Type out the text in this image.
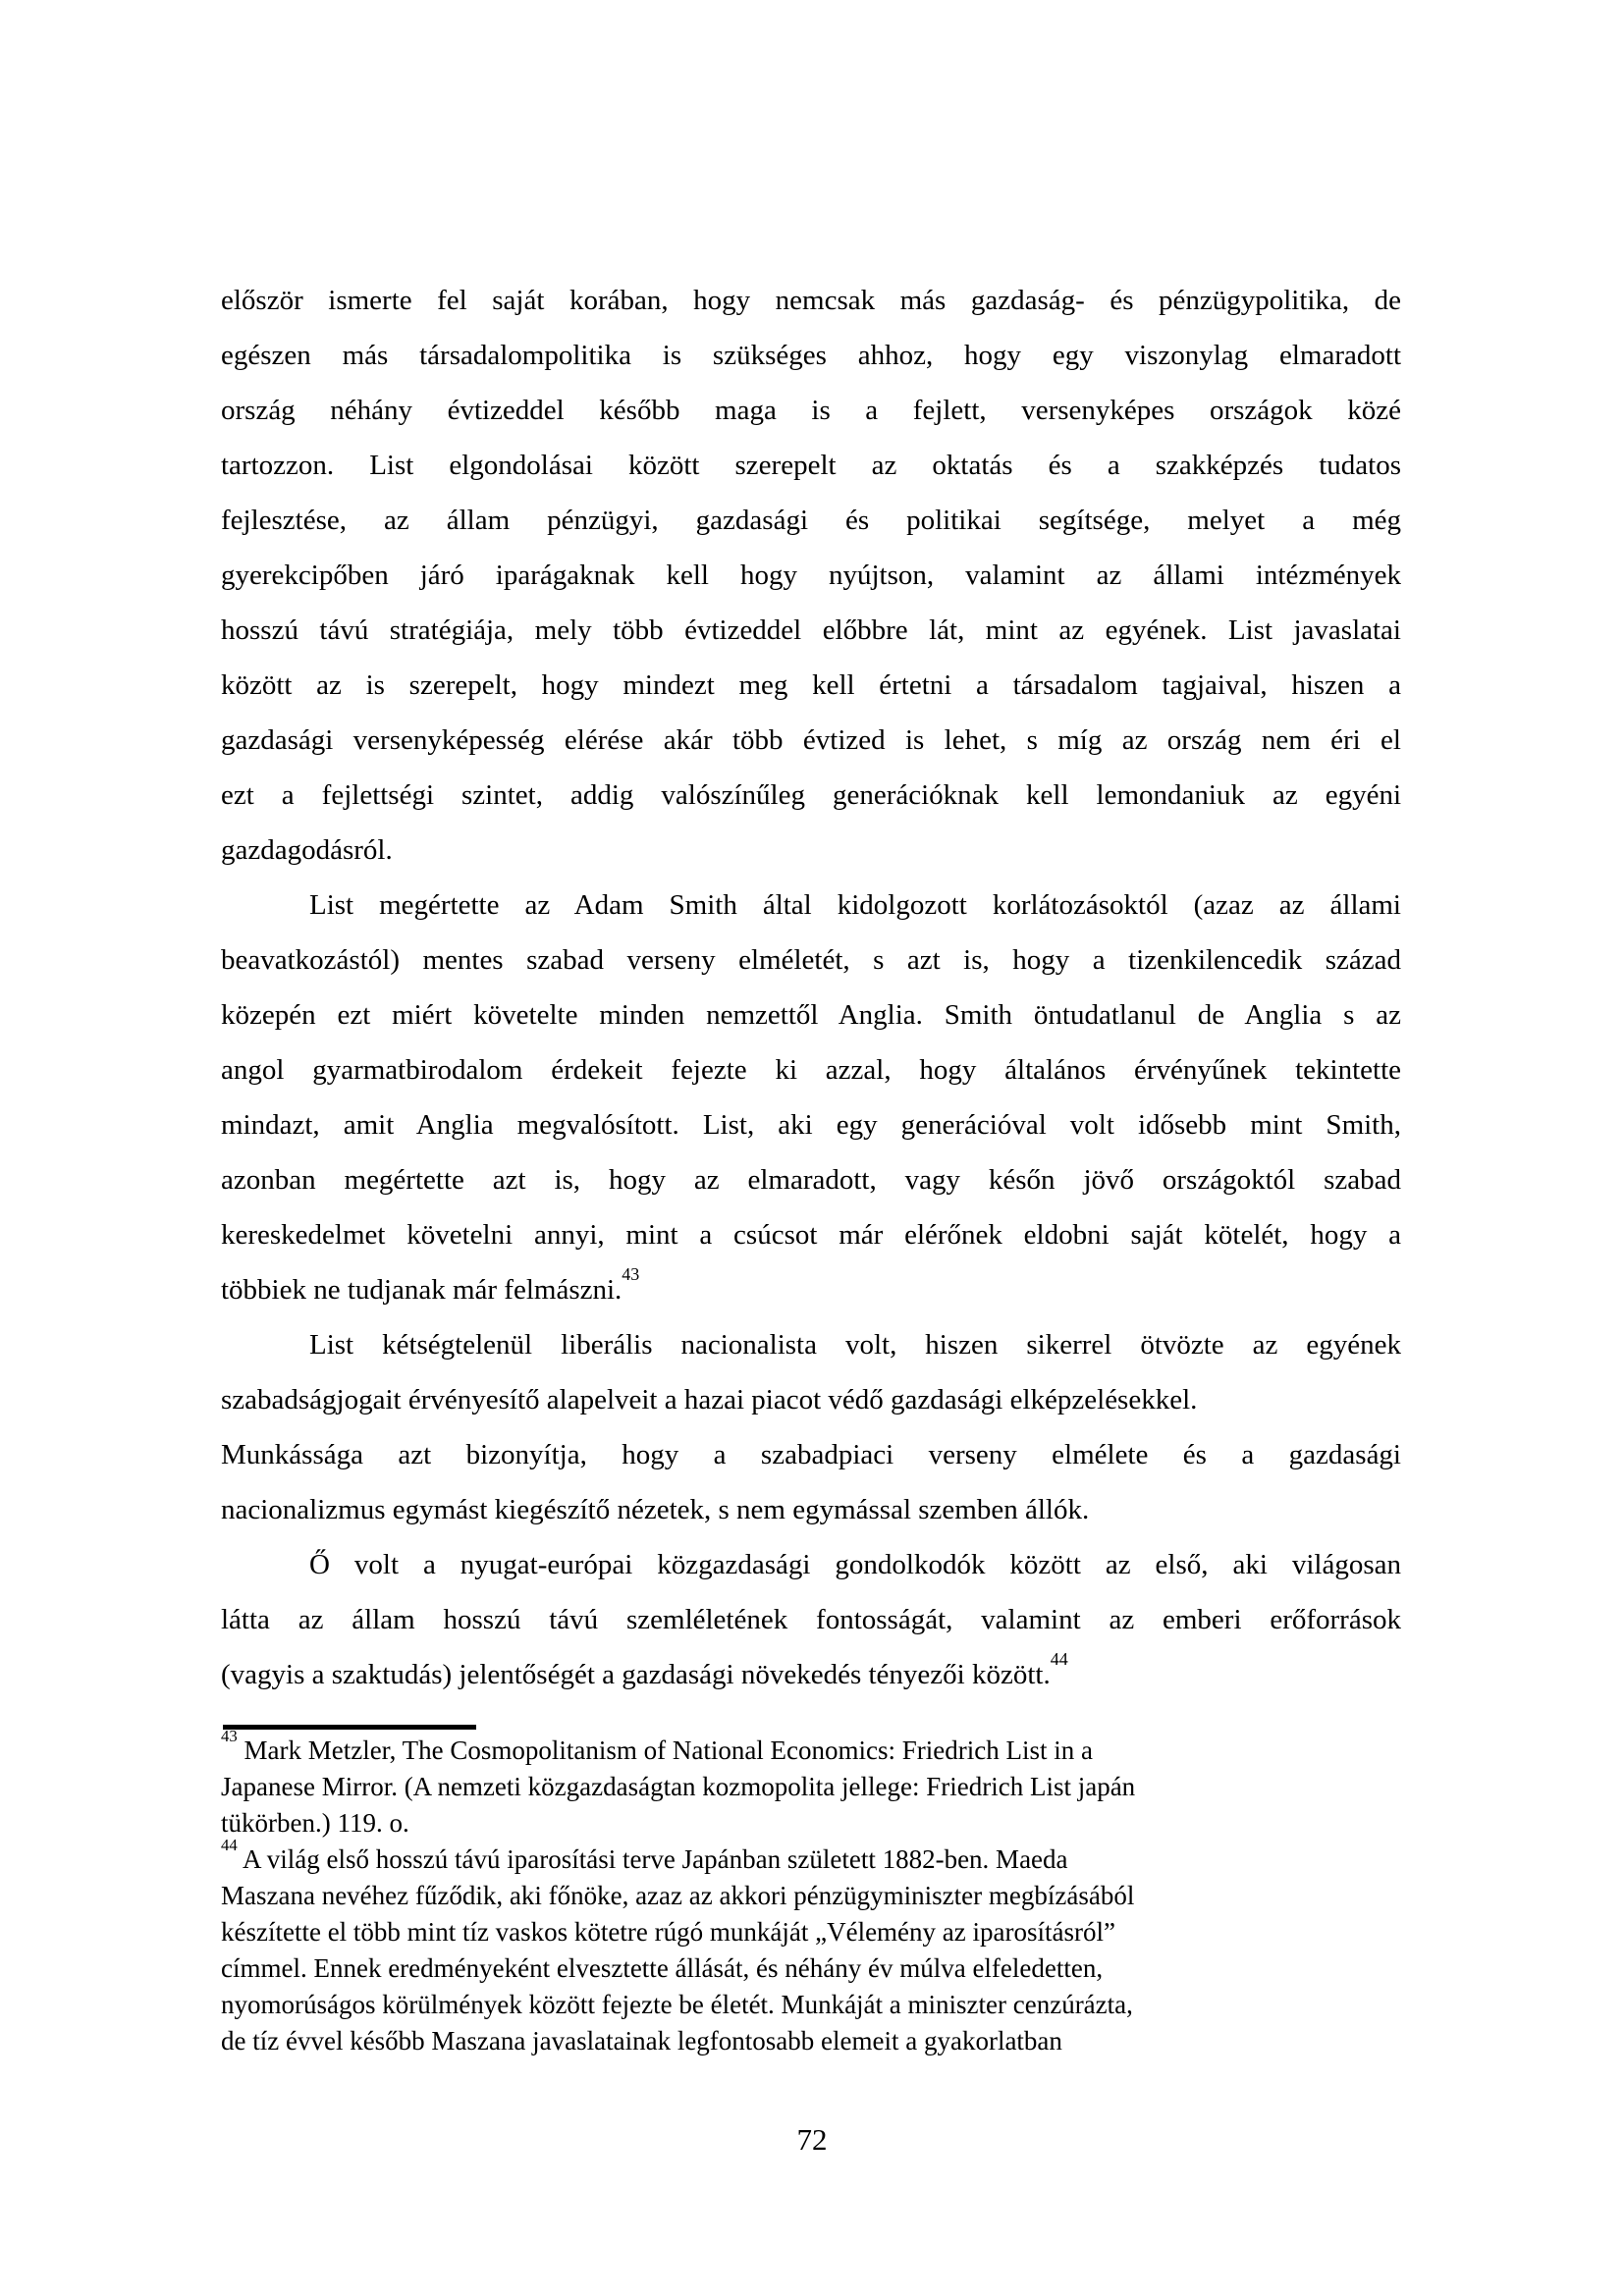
először ismerte fel saját korában, hogy nemcsak más gazdaság- és pénzügypolitika, de
egészen más társadalompolitika is szükséges ahhoz, hogy egy viszonylag elmaradott
ország néhány évtizeddel később maga is a fejlett, versenyképes országok közé
tartozzon. List elgondolásai között szerepelt az oktatás és a szakképzés tudatos
fejlesztése, az állam pénzügyi, gazdasági és politikai segítsége, melyet a még
gyerekcipőben járó iparágaknak kell hogy nyújtson, valamint az állami intézmények
hosszú távú stratégiája, mely több évtizeddel előbbre lát, mint az egyének. List javaslatai
között az is szerepelt, hogy mindezt meg kell értetni a társadalom tagjaival, hiszen a
gazdasági versenyképesség elérése akár több évtized is lehet, s míg az ország nem éri el
ezt a fejlettségi szintet, addig valószínűleg generációknak kell lemondaniuk az egyéni
gazdagodásról.
List megértette az Adam Smith által kidolgozott korlátozásoktól (azaz az állami
beavatkozástól) mentes szabad verseny elméletét, s azt is, hogy a tizenkilencedik század
közepén ezt miért követelte minden nemzettől Anglia. Smith öntudatlanul de Anglia s az
angol gyarmatbirodalom érdekeit fejezte ki azzal, hogy általános érvényűnek tekintette
mindazt, amit Anglia megvalósított. List, aki egy generációval volt idősebb mint Smith,
azonban megértette azt is, hogy az elmaradott, vagy későn jövő országoktól szabad
kereskedelmet követelni annyi, mint a csúcsot már elérőnek eldobni saját kötelét, hogy a
többiek ne tudjanak már felmászni.$^{43}$
List kétségtelenül liberális nacionalista volt, hiszen sikerrel ötvözte az egyének
szabadságjogait érvényesítő alapelveit a hazai piacot védő gazdasági elképzelésekkel.
Munkássága azt bizonyítja, hogy a szabadpiaci verseny elmélete és a gazdasági
nacionalizmus egymást kiegészítő nézetek, s nem egymással szemben állók.
Ő volt a nyugat-európai közgazdasági gondolkodók között az első, aki világosan
látta az állam hosszú távú szemléletének fontosságát, valamint az emberi erőforrások
(vagyis a szaktudás) jelentőségét a gazdasági növekedés tényezői között.$^{44}$
$^{43}$ Mark Metzler, The Cosmopolitanism of National Economics: Friedrich List in a
Japanese Mirror. (A nemzeti közgazdaságtan kozmopolita jellege: Friedrich List japán
tükörben.) 119. o.
$^{44}$ A világ első hosszú távú iparosítási terve Japánban született 1882-ben. Maeda
Maszana nevéhez fűződik, aki főnöke, azaz az akkori pénzügyminiszter megbízásából
készítette el több mint tíz vaskos kötetre rúgó munkáját „Vélemény az iparosításról”
címmel. Ennek eredményeként elvesztette állását, és néhány év múlva elfeledetten,
nyomorúságos körülmények között fejezte be életét. Munkáját a miniszter cenzúrázta,
de tíz évvel később Maszana javaslatainak legfontosabb elemeit a gyakorlatban
72
